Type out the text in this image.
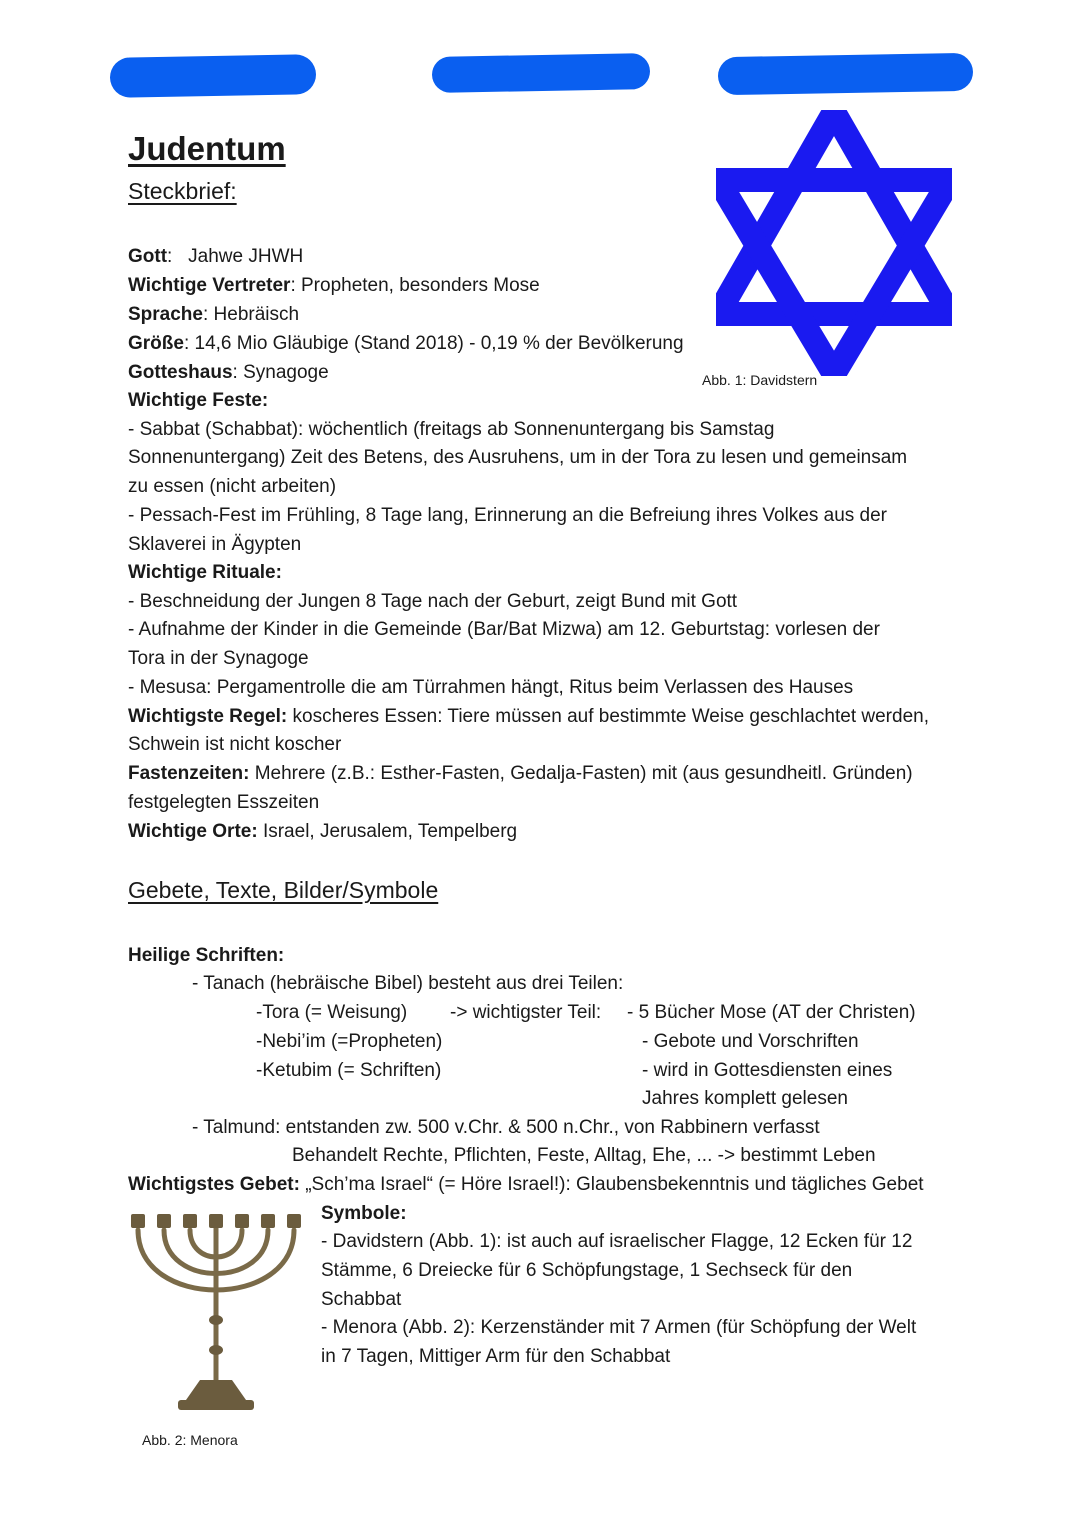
Judentum
Steckbrief:
Abb. 1: Davidstern
Gott:   Jahwe JHWH
Wichtige Vertreter: Propheten, besonders Mose
Sprache: Hebräisch
Größe: 14,6 Mio Gläubige (Stand 2018) - 0,19 % der Bevölkerung
Gotteshaus: Synagoge
Wichtige Feste:
- Sabbat (Schabbat): wöchentlich (freitags ab Sonnenuntergang bis Samstag
Sonnenuntergang) Zeit des Betens, des Ausruhens, um in der Tora zu lesen und gemeinsam
zu essen (nicht arbeiten)
- Pessach-Fest im Frühling, 8 Tage lang, Erinnerung an die Befreiung ihres Volkes aus der
Sklaverei in Ägypten
Wichtige Rituale:
- Beschneidung der Jungen 8 Tage nach der Geburt, zeigt Bund mit Gott
- Aufnahme der Kinder in die Gemeinde (Bar/Bat Mizwa) am 12. Geburtstag: vorlesen der
Tora in der Synagoge
- Mesusa: Pergamentrolle die am Türrahmen hängt, Ritus beim Verlassen des Hauses
Wichtigste Regel: koscheres Essen: Tiere müssen auf bestimmte Weise geschlachtet werden,
Schwein ist nicht koscher
Fastenzeiten: Mehrere (z.B.: Esther-Fasten, Gedalja-Fasten) mit (aus gesundheitl. Gründen)
festgelegten Esszeiten
Wichtige Orte: Israel, Jerusalem, Tempelberg
Gebete, Texte, Bilder/Symbole
Heilige Schriften:
- Tanach (hebräische Bibel) besteht aus drei Teilen:
-Tora (= Weisung)
-Nebi’im (=Propheten)
-Ketubim (= Schriften)
-> wichtigster Teil: - 5 Bücher Mose (AT der Christen)
- Gebote und Vorschriften
- wird in Gottesdiensten eines
Jahres komplett gelesen
- Talmund: entstanden zw. 500 v.Chr. & 500 n.Chr., von Rabbinern verfasst
Behandelt Rechte, Pflichten, Feste, Alltag, Ehe, ... -> bestimmt Leben
Wichtigstes Gebet: „Sch’ma Israel“ (= Höre Israel!): Glaubensbekenntnis und tägliches Gebet
Abb. 2: Menora
Symbole:
- Davidstern (Abb. 1): ist auch auf israelischer Flagge, 12 Ecken für 12
Stämme, 6 Dreiecke für 6 Schöpfungstage, 1 Sechseck für den
Schabbat
- Menora (Abb. 2): Kerzenständer mit 7 Armen (für Schöpfung der Welt
in 7 Tagen, Mittiger Arm für den Schabbat
